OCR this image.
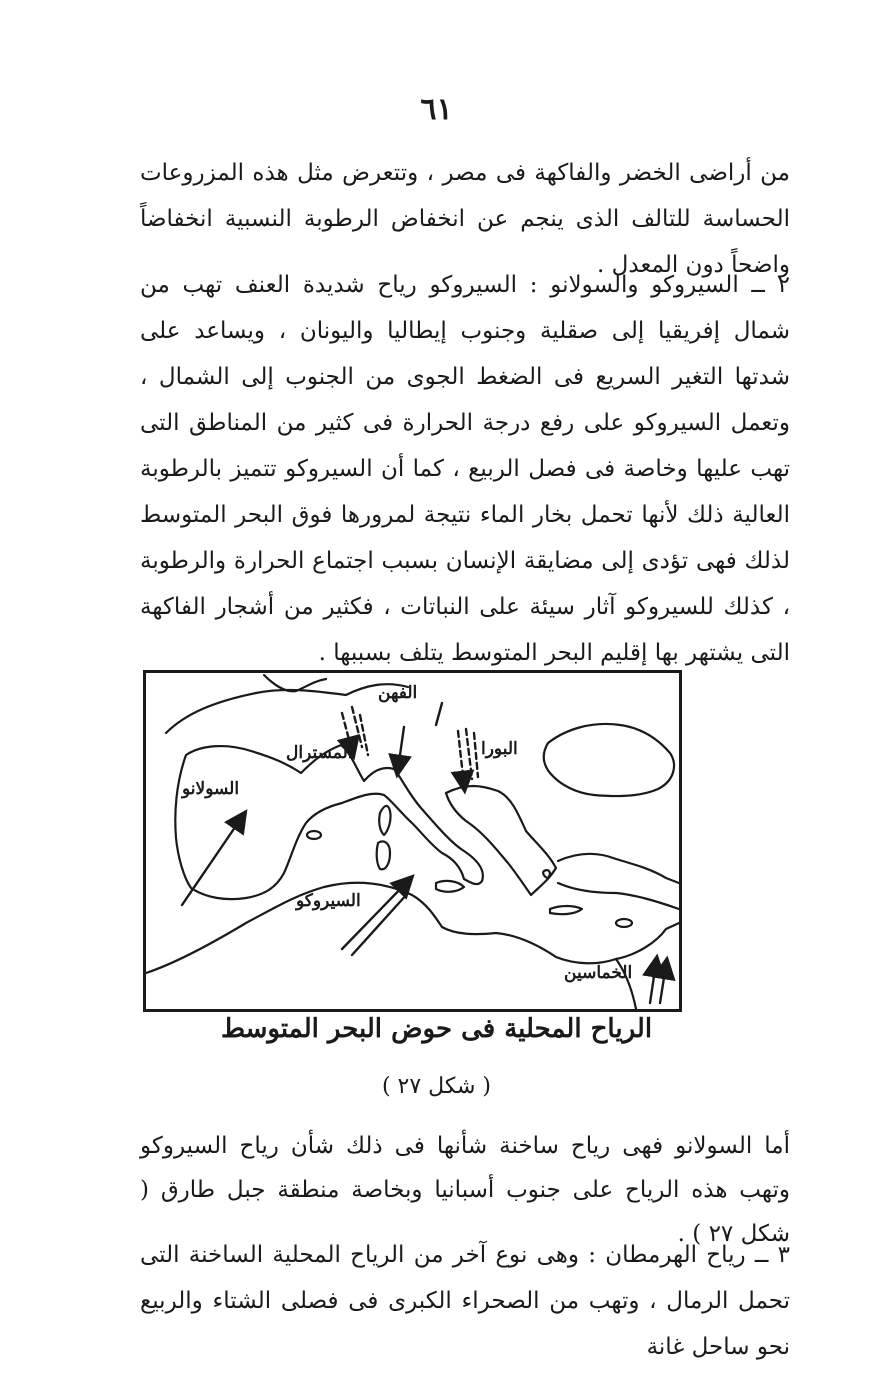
٦١

من أراضى الخضر والفاكهة فى مصر ، وتتعرض مثل هذه المزروعات الحساسة للتالف الذى ينجم عن انخفاض الرطوبة النسبية انخفاضاً واضحاً دون المعدل .

٢ ــ السيروكو والسولانو : السيروكو رياح شديدة العنف تهب من شمال إفريقيا إلى صقلية وجنوب إيطاليا واليونان ، ويساعد على شدتها التغير السريع فى الضغط الجوى من الجنوب إلى الشمال ، وتعمل السيروكو على رفع درجة الحرارة فى كثير من المناطق التى تهب عليها وخاصة فى فصل الربيع ، كما أن السيروكو تتميز بالرطوبة العالية ذلك لأنها تحمل بخار الماء نتيجة لمرورها فوق البحر المتوسط لذلك فهى تؤدى إلى مضايقة الإنسان بسبب اجتماع الحرارة والرطوبة ، كذلك للسيروكو آثار سيئة على النباتات ، فكثير من أشجار الفاكهة التى يشتهر بها إقليم البحر المتوسط يتلف بسببها .

الفهن
المسترال	البورا
السولانو
السيروكو
الخماسين
الرياح المحلية فى حوض البحر المتوسط
( شكل ٢٧ )

أما السولانو فهى رياح ساخنة شأنها فى ذلك شأن رياح السيروكو وتهب هذه الرياح على جنوب أسبانيا وبخاصة منطقة جبل طارق ( شكل ٢٧ ) .

٣ ــ رياح الهرمطان : وهى نوع آخر من الرياح المحلية الساخنة التى تحمل الرمال ، وتهب من الصحراء الكبرى فى فصلى الشتاء والربيع نحو ساحل غانة
